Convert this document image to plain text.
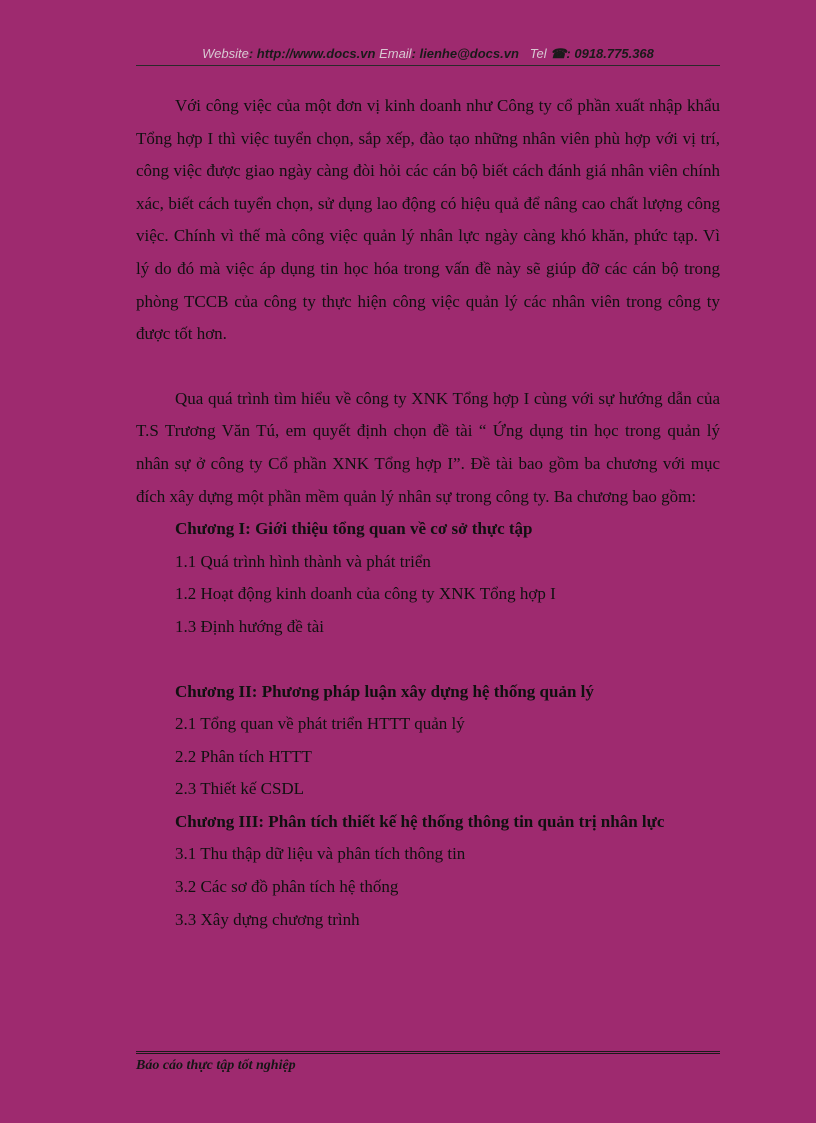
Website: http://www.docs.vn Email: lienhe@docs.vn Tel ☎: 0918.775.368

Với công việc của một đơn vị kinh doanh như Công ty cổ phần xuất nhập khẩu Tổng hợp I thì việc tuyển chọn, sắp xếp, đào tạo những nhân viên phù hợp với vị trí, công việc được giao ngày càng đòi hỏi các cán bộ biết cách đánh giá nhân viên chính xác, biết cách tuyển chọn, sử dụng lao động có hiệu quả để nâng cao chất lượng công việc. Chính vì thế mà công việc quản lý nhân lực ngày càng khó khăn, phức tạp. Vì lý do đó mà việc áp dụng tin học hóa trong vấn đề này sẽ giúp đỡ các cán bộ trong phòng TCCB của công ty thực hiện công việc quản lý các nhân viên trong công ty được tốt hơn.

Qua quá trình tìm hiểu về công ty XNK Tổng hợp I cùng với sự hướng dẫn của T.S Trương Văn Tú, em quyết định chọn đề tài “ Ứng dụng tin học trong quản lý nhân sự ở công ty Cổ phần XNK Tổng hợp I”. Đề tài bao gồm ba chương với mục đích xây dựng một phần mềm quản lý nhân sự trong công ty. Ba chương bao gồm:

Chương I: Giới thiệu tổng quan về cơ sở thực tập

1.1 Quá trình hình thành và phát triển

1.2 Hoạt động kinh doanh của công ty XNK Tổng hợp I

1.3 Định hướng đề tài

Chương II: Phương pháp luận xây dựng hệ thống quản lý

2.1 Tổng quan về phát triển HTTT quản lý

2.2 Phân tích HTTT

2.3 Thiết kế CSDL

Chương III: Phân tích thiết kế hệ thống thông tin quản trị nhân lực

3.1 Thu thập dữ liệu và phân tích thông tin

3.2 Các sơ đồ phân tích hệ thống

3.3 Xây dựng chương trình

Báo cáo thực tập tốt nghiệp
